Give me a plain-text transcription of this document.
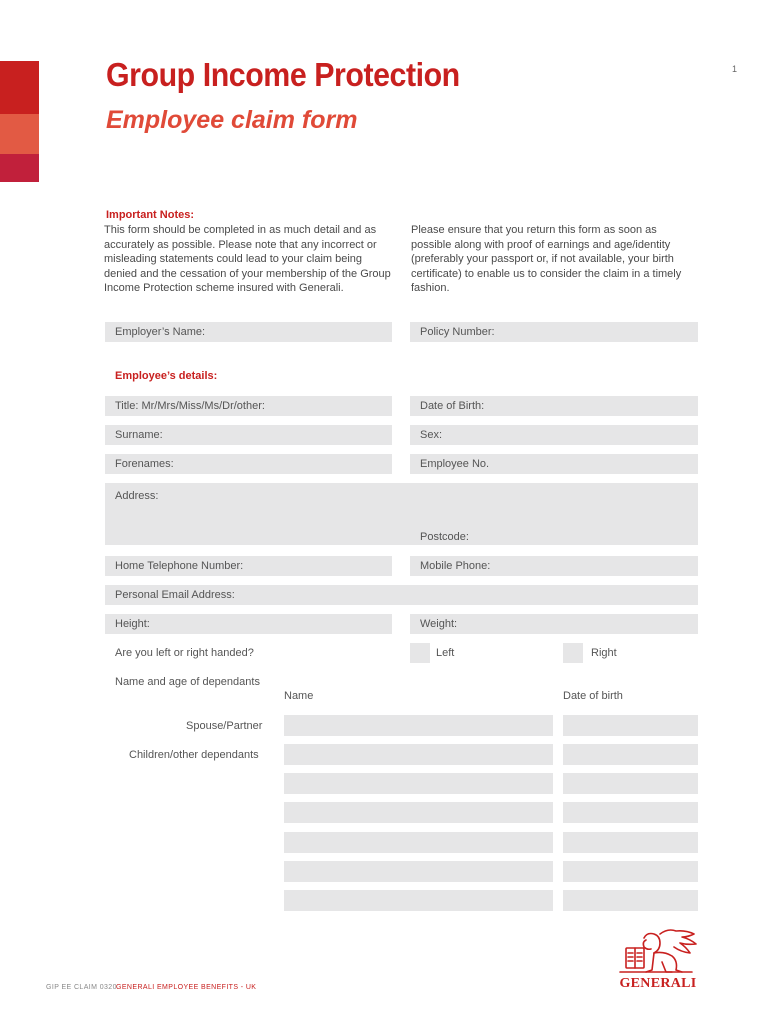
Group Income Protection
Employee claim form
1
Important Notes:
This form should be completed in as much detail and as accurately as possible. Please note that any incorrect or misleading statements could lead to your claim being denied and the cessation of your membership of the Group Income Protection scheme insured with Generali.
Please ensure that you return this form as soon as possible along with proof of earnings and age/identity (preferably your passport or, if not available, your birth certificate) to enable us to consider the claim in a timely fashion.
Employer’s Name:	Policy Number:
Employee’s details:
Title: Mr/Mrs/Miss/Ms/Dr/other:	Date of Birth:
Surname:	Sex:
Forenames:	Employee No.
Address:
Postcode:
Home Telephone Number:	Mobile Phone:
Personal Email Address:
Height:	Weight:
Are you left or right handed?	Left	Right
Name and age of dependants
Name	Date of birth
Spouse/Partner
Children/other dependants
GIP EE CLAIM 0320 GENERALI EMPLOYEE BENEFITS - UK	GENERALI
